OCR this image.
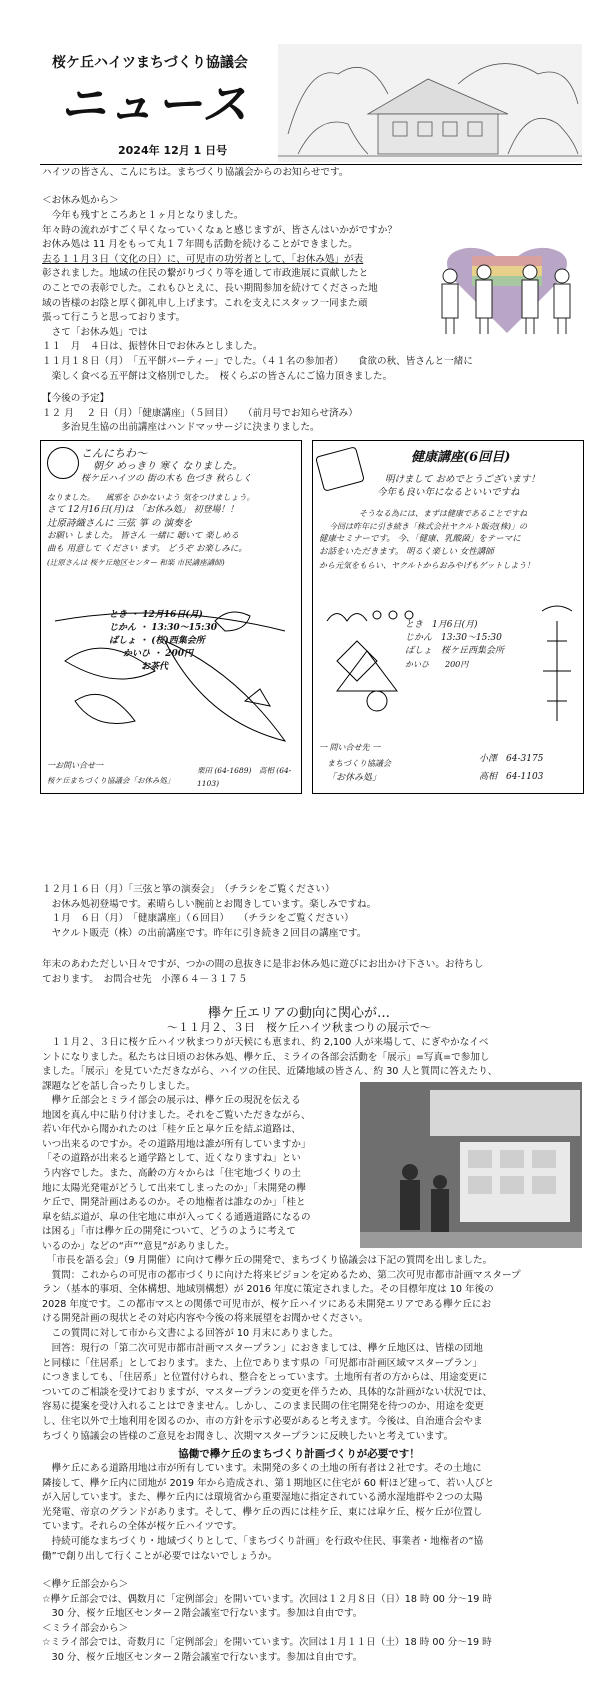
桜ケ丘ハイツまちづくり協議会
ニュース
2024年 12月 1 日号
ハイツの皆さん、こんにちは。まちづくり協議会からのお知らせです。
＜お休み処から＞
　今年も残すところあと１ヶ月となりました。
年々時の流れがすごく早くなっていくなぁと感じますが、皆さんはいかがですか？
お休み処は 11 月をもって丸１７年間も活動を続けることができました。
去る１１月３日（文化の日）に、可児市の功労者として、「お休み処」が表
彰されました。地域の住民の繋がりづくり等を通して市政進展に貢献したと
のことでの表彰でした。これもひとえに、長い期間参加を続けてくださった地
域の皆様のお陰と厚く御礼申し上げます。これを支えにスタッフ一同また頑
張って行こうと思っております。
　さて「お休み処」では
１１　月　４日は、振替休日でお休みとしました。
１１月１８日（月）　「五平餅パーティー」でした。（４１名の参加者）　　食欲の秋、皆さんと一緒に
　楽しく食べる五平餅は文格別でした。　桜くらぶの皆さんにご協力頂きました。
【今後の予定】
１２ 月 　２ 日（月）「健康講座」（５回目）　　（前月号でお知らせ済み）
　　多治見生協の出前講座はハンドマッサージに決まりました。
こんにちわ〜
朝夕 めっきり 寒く なりました。
桜ケ丘ハイツの 街の木も 色づき 秋らしく
なりました。 　風邪を ひかないよう 気をつけましょう。
さて 12月16日(月)は 「お休み処」 初登場！！
辻原詩織さんに 三弦 箏 の 演奏を
お願い しました。 皆さん 一緒に 聴いて 楽しめる
曲も 用意して ください ます。 どうぞ お楽しみに。
(辻原さんは 桜ケ丘地区センター 和楽 市民講座講師)
とき ・ 12月16日(月)
じかん ・ 13:30〜15:30
ばしょ ・ (桜)西集会所
かいひ ・ 200円
お茶代
一お問い合せ一
桜ケ丘まちづくり協議会「お休み処」
栗田 (64-1689)　高相 (64-1103)
健康講座(6回目)
明けまして おめでとうございます！
今年も良い年になるといいですね
そうなる為には、まずは健康であることですね
今回は昨年に引き続き「株式会社ヤクルト販売(株)」の
健康セミナーです。 今、「健康、乳酸菌」をテーマに
お話をいただきます。 明るく楽しい 女性講師
から元気をもらい、ヤクルトからおみやげもゲットしよう！
とき　1月6日(月)
じかん　13:30〜15:30
ばしょ　桜ケ丘西集会所
かいひ　　200円
一 問い合せ先 一
まちづくり協議会
「お休み処」
小澤　64-3175
高相　64-1103
１２月１６日（月）「三弦と箏の演奏会」　（チラシをご覧ください）
　お休み処初登場です。素晴らしい腕前とお聞きしています。楽しみですね。
　１月　６日（月）　「健康講座」（６回目）　　（チラシをご覧ください）
　ヤクルト販売（株）の出前講座です。昨年に引き続き２回目の講座です。
年末のあわただしい日々ですが、つかの間の息抜きに是非お休み処に遊びにお出かけ下さい。お待ちし
ております。　お問合せ先　小澤６４－３１７５
欅ケ丘エリアの動向に関心が…
～１１月２、３日　桜ケ丘ハイツ秋まつりの展示で～
　１１月２、３日に桜ケ丘ハイツ秋まつりが天候にも恵まれ、約 2,100 人が来場して、にぎやかなイベ
ントになりました。私たちは日頃のお休み処、欅ケ丘、ミライの各部会活動を「展示」=写真=で参加し
ました。「展示」を見ていただきながら、ハイツの住民、近隣地域の皆さん、約 30 人と質問に答えたり、
課題などを話し合ったりしました。
　欅ケ丘部会とミライ部会の展示は、欅ケ丘の現況を伝える
地図を真ん中に貼り付けました。それをご覧いただきながら、
若い年代から聞かれたのは「桂ケ丘と皐ケ丘を結ぶ道路は、
いつ出来るのですか。その道路用地は誰が所有していますか」
「その道路が出来ると通学路として、近くなりますね」とい
う内容でした。また、高齢の方々からは「住宅地づくりの土
地に太陽光発電がどうして出来てしまったのか」「未開発の欅
ケ丘で、開発計画はあるのか。その地権者は誰なのか」「桂と
皐を結ぶ道が、皐の住宅地に車が入ってくる通過道路になるの
は困る」「市は欅ケ丘の開発について、どうのように考えて
いるのか」などの“声”“意見”がありました。
　「市長を語る会」（9 月開催）に向けて欅ケ丘の開発で、まちづくり協議会は下記の質問を出しました。
　質問：これからの可児市の都市づくりに向けた将来ビジョンを定めるため、第二次可児市都市計画マスタープ
ラン（基本的事項、全体構想、地域別構想）が 2016 年度に策定されました。その目標年度は 10 年後の
2028 年度です。この都市マスとの関係で可児市が、桜ケ丘ハイツにある未開発エリアである欅ケ丘にお
ける開発計画の現状とその対応内容や今後の将来展望をお聞かせください。
　この質問に対して市から文書による回答が 10 月末にありました。
　回答：現行の「第二次可児市都市計画マスタープラン」におきましては、欅ケ丘地区は、皆様の団地
と同様に「住居系」としております。また、上位であります県の「可児都市計画区域マスタープラン」
につきましても、「住居系」と位置付けられ、整合をとっています。土地所有者の方からは、用途変更に
ついてのご相談を受けておりますが、マスタープランの変更を伴うため、具体的な計画がない状況では、
容易に提案を受け入れることはできません。しかし、このまま民間の住宅開発を待つのか、用途を変更
し、住宅以外で土地利用を図るのか、市の方針を示す必要があると考えます。今後は、自治連合会やま
ちづくり協議会の皆様のご意見をお聞きし、次期マスタープランに反映したいと考えています。
協働で欅ケ丘のまちづくり計画づくりが必要です！
　欅ケ丘にある道路用地は市が所有しています。未開発の多くの土地の所有者は２社です。その土地に
隣接して、欅ケ丘内に団地が 2019 年から造成され、第１期地区に住宅が 60 軒ほど建って、若い人びと
が入居しています。また、欅ケ丘内には環境省から重要湿地に指定されている湧水湿地群や２つの太陽
光発電、帝京のグランドがあります。そして、欅ケ丘の西には桂ケ丘、東には皐ケ丘、桜ケ丘が位置し
ています。それらの全体が桜ケ丘ハイツです。
　持続可能なまちづくり・地域づくりとして、「まちづくり計画」を行政や住民、事業者・地権者の“協
働”で創り出して行くことが必要ではないでしょうか。
＜欅ケ丘部会から＞
☆欅ケ丘部会では、偶数月に「定例部会」を開いています。次回は１２月８日（日）18 時 00 分～19 時
　30 分、桜ケ丘地区センター２階会議室で行ないます。参加は自由です。
＜ミライ部会から＞
☆ミライ部会では、奇数月に「定例部会」を開いています。次回は１月１１日（土）18 時 00 分～19 時
　30 分、桜ケ丘地区センター２階会議室で行ないます。参加は自由です。
